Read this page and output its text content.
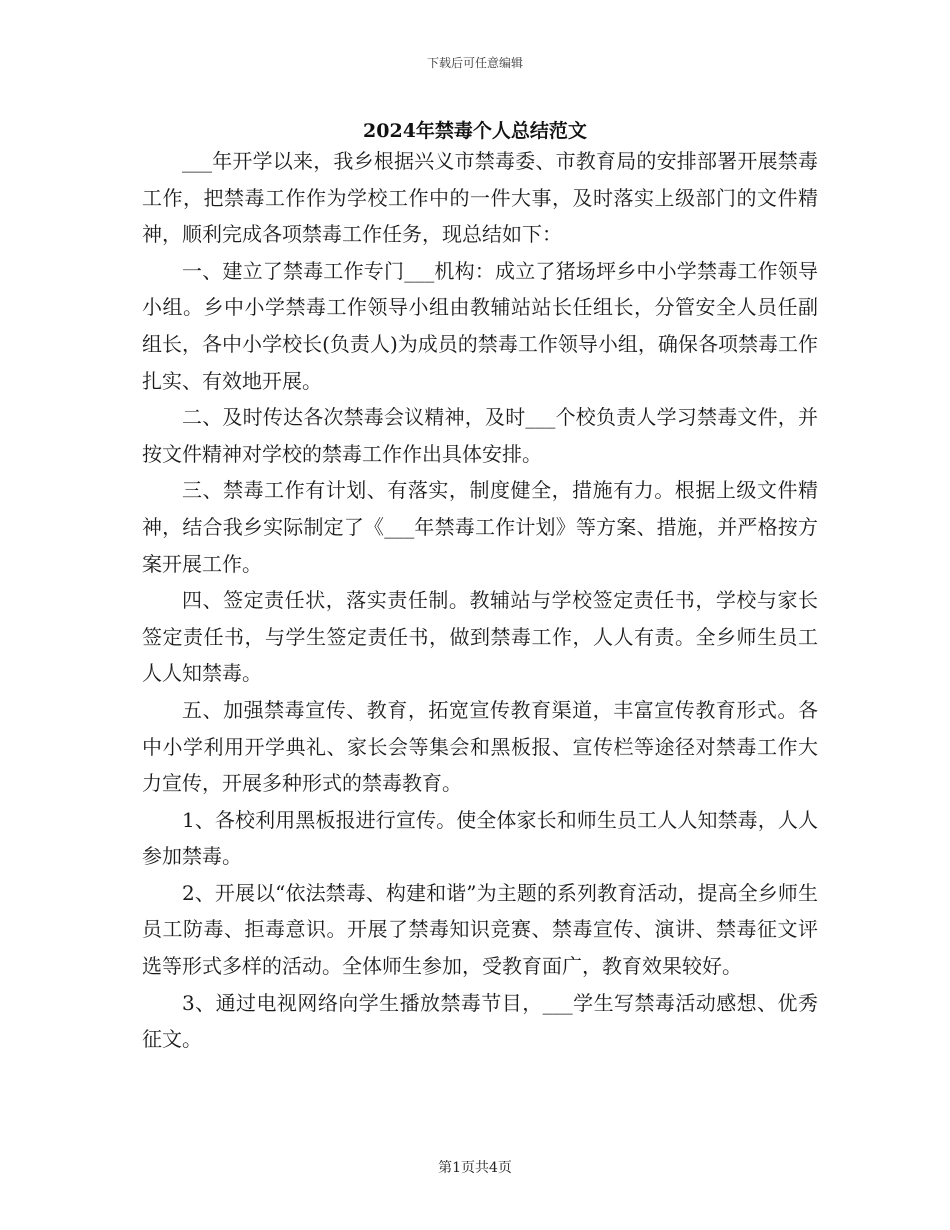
下载后可任意编辑
2024年禁毒个人总结范文

___年开学以来，我乡根据兴义市禁毒委、市教育局的安排部署开展禁毒工作，把禁毒工作作为学校工作中的一件大事，及时落实上级部门的文件精神，顺利完成各项禁毒工作任务，现总结如下：

一、建立了禁毒工作专门___机构：成立了猪场坪乡中小学禁毒工作领导小组。乡中小学禁毒工作领导小组由教辅站站长任组长，分管安全人员任副组长，各中小学校长(负责人)为成员的禁毒工作领导小组，确保各项禁毒工作扎实、有效地开展。

二、及时传达各次禁毒会议精神，及时___个校负责人学习禁毒文件，并按文件精神对学校的禁毒工作作出具体安排。

三、禁毒工作有计划、有落实，制度健全，措施有力。根据上级文件精神，结合我乡实际制定了《___年禁毒工作计划》等方案、措施，并严格按方案开展工作。

四、签定责任状，落实责任制。教辅站与学校签定责任书，学校与家长签定责任书，与学生签定责任书，做到禁毒工作，人人有责。全乡师生员工人人知禁毒。

五、加强禁毒宣传、教育，拓宽宣传教育渠道，丰富宣传教育形式。各中小学利用开学典礼、家长会等集会和黑板报、宣传栏等途径对禁毒工作大力宣传，开展多种形式的禁毒教育。

1、各校利用黑板报进行宣传。使全体家长和师生员工人人知禁毒，人人参加禁毒。

2、开展以“依法禁毒、构建和谐”为主题的系列教育活动，提高全乡师生员工防毒、拒毒意识。开展了禁毒知识竞赛、禁毒宣传、演讲、禁毒征文评选等形式多样的活动。全体师生参加，受教育面广，教育效果较好。

3、通过电视网络向学生播放禁毒节目，___学生写禁毒活动感想、优秀征文。

第1页共4页
